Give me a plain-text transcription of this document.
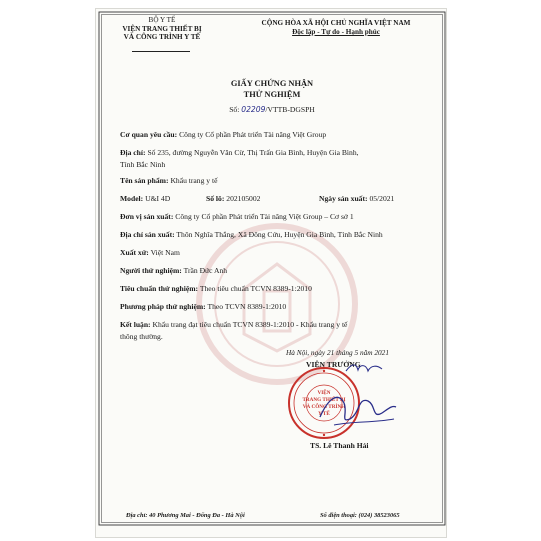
BỘ Y TẾ
VIỆN TRANG THIẾT BỊ
VÀ CÔNG TRÌNH Y TẾ
CỘNG HÒA XÃ HỘI CHỦ NGHĨA VIỆT NAM
Độc lập - Tự do - Hạnh phúc
GIẤY CHỨNG NHẬN
THỬ NGHIỆM
Số: 02209/VTTB-DGSPH
Cơ quan yêu cầu: Công ty Cổ phần Phát triển Tài năng Việt Group
Địa chỉ: Số 235, đường Nguyễn Văn Cừ, Thị Trấn Gia Bình, Huyện Gia Bình,
Tỉnh Bắc Ninh
Tên sản phẩm: Khẩu trang y tế
Model: U&I 4D	Số lô: 202105002	Ngày sản xuất: 05/2021
Đơn vị sản xuất: Công ty Cổ phần Phát triển Tài năng Việt Group – Cơ sở 1
Địa chỉ sản xuất: Thôn Nghĩa Thắng, Xã Đông Cứu, Huyện Gia Bình, Tỉnh Bắc Ninh
Xuất xứ: Việt Nam
Người thử nghiệm: Trần Đức Anh
Tiêu chuẩn thử nghiệm: Theo tiêu chuẩn TCVN 8389-1:2010
Phương pháp thử nghiệm: Theo TCVN 8389-1:2010
Kết luận: Khẩu trang đạt tiêu chuẩn TCVN 8389-1:2010 - Khẩu trang y tế
thông thường.
Hà Nội, ngày 21 tháng 5 năm 2021
VIỆN TRƯỞNG
VIỆN
TRANG THIẾT BỊ
VÀ CÔNG TRÌNH
Y TẾ
TS. Lê Thanh Hải
Địa chỉ: 40 Phương Mai - Đống Đa - Hà Nội	Số điện thoại: (024) 38523065
